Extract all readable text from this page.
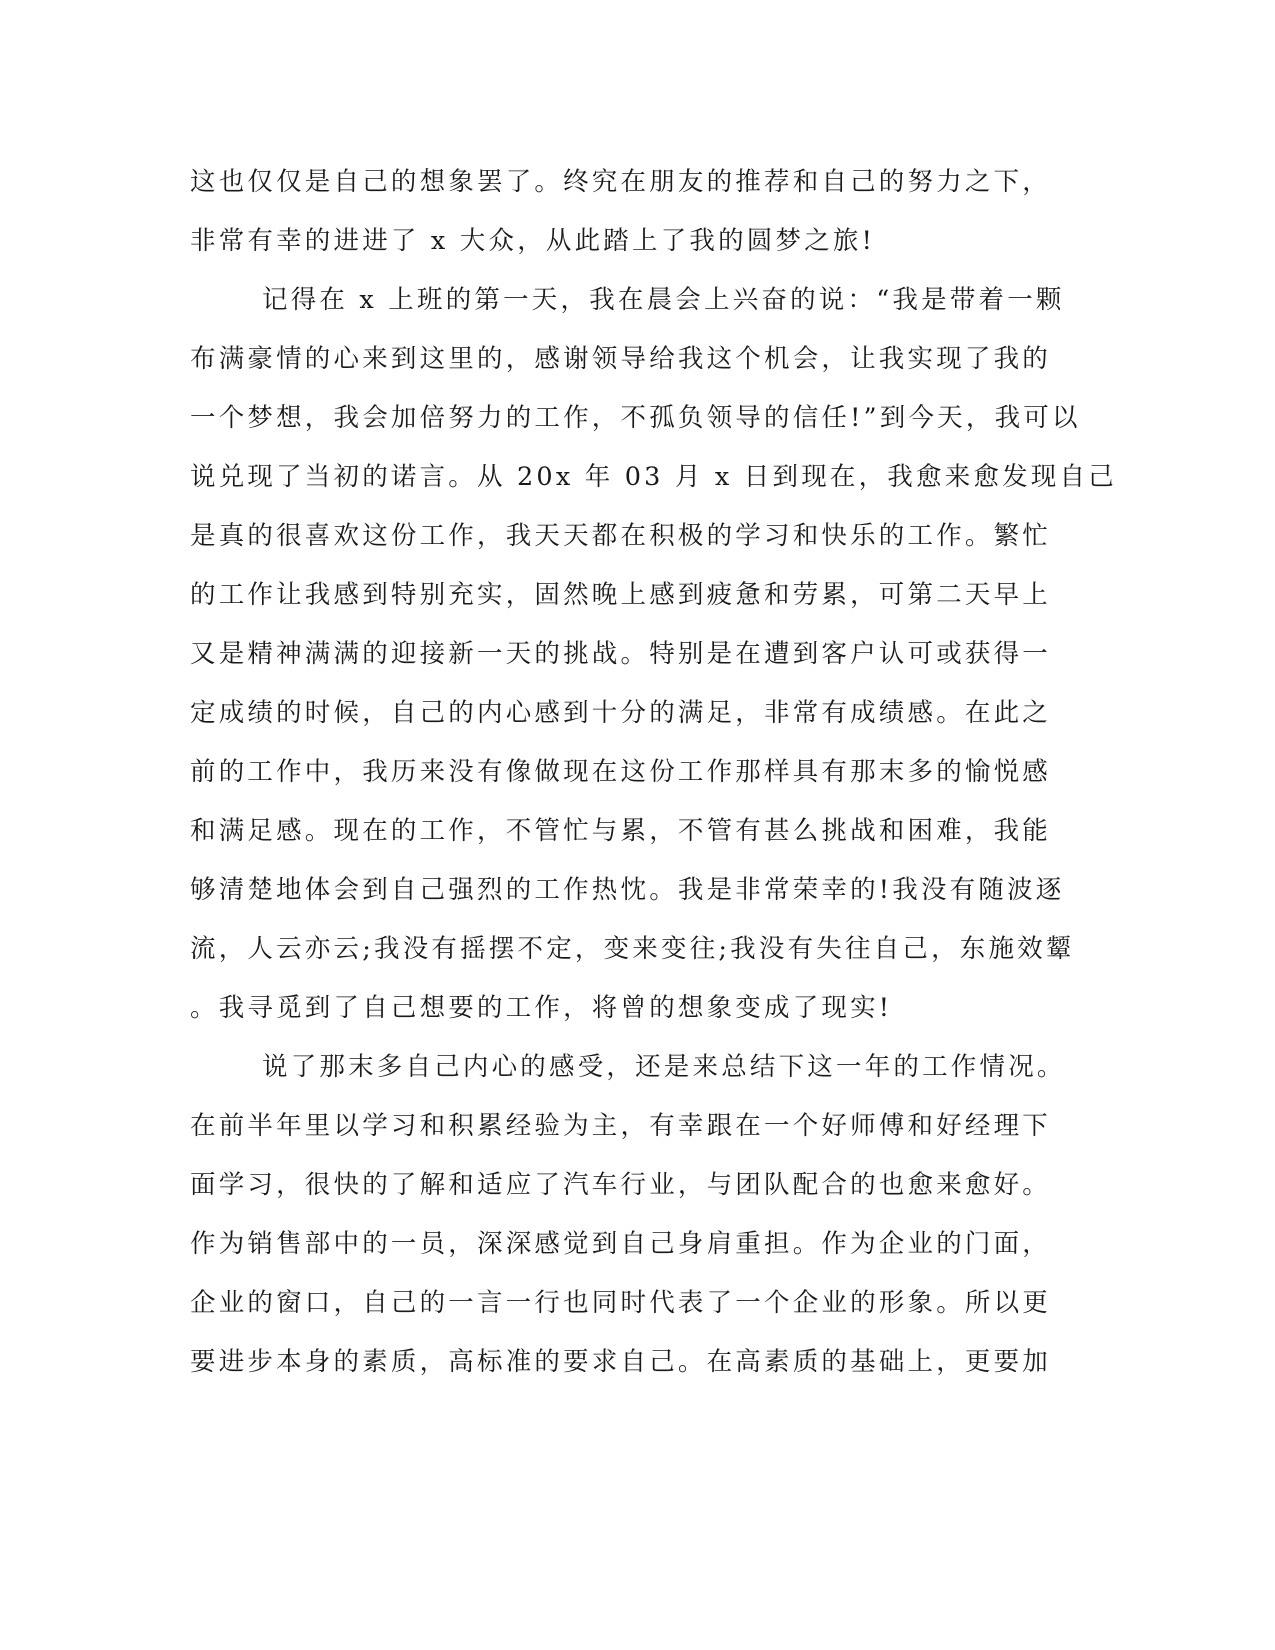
这也仅仅是自己的想象罢了。终究在朋友的推荐和自己的努力之下，
非常有幸的进进了 x 大众，从此踏上了我的圆梦之旅!
记得在 x 上班的第一天，我在晨会上兴奋的说：“我是带着一颗
布满豪情的心来到这里的，感谢领导给我这个机会，让我实现了我的
一个梦想，我会加倍努力的工作，不孤负领导的信任!”到今天，我可以
说兑现了当初的诺言。从 20x 年 03 月 x 日到现在，我愈来愈发现自己
是真的很喜欢这份工作，我天天都在积极的学习和快乐的工作。繁忙
的工作让我感到特别充实，固然晚上感到疲惫和劳累，可第二天早上
又是精神满满的迎接新一天的挑战。特别是在遭到客户认可或获得一
定成绩的时候，自己的内心感到十分的满足，非常有成绩感。在此之
前的工作中，我历来没有像做现在这份工作那样具有那末多的愉悦感
和满足感。现在的工作，不管忙与累，不管有甚么挑战和困难，我能
够清楚地体会到自己强烈的工作热忱。我是非常荣幸的!我没有随波逐
流，人云亦云;我没有摇摆不定，变来变往;我没有失往自己，东施效颦
。我寻觅到了自己想要的工作，将曾的想象变成了现实!
说了那末多自己内心的感受，还是来总结下这一年的工作情况。
在前半年里以学习和积累经验为主，有幸跟在一个好师傅和好经理下
面学习，很快的了解和适应了汽车行业，与团队配合的也愈来愈好。
作为销售部中的一员，深深感觉到自己身肩重担。作为企业的门面，
企业的窗口，自己的一言一行也同时代表了一个企业的形象。所以更
要进步本身的素质，高标准的要求自己。在高素质的基础上，更要加
